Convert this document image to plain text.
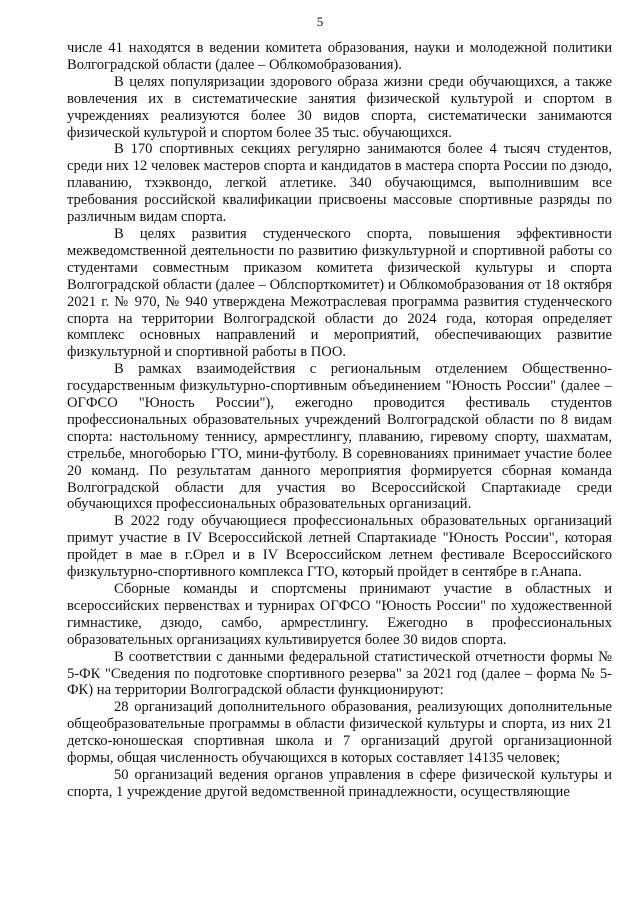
5

числе 41 находятся в ведении комитета образования, науки и молодежной политики Волгоградской области (далее – Облкомобразования).

В целях популяризации здорового образа жизни среди обучающихся, а также вовлечения их в систематические занятия физической культурой и спортом в учреждениях реализуются более 30 видов спорта, систематически занимаются физической культурой и спортом более 35 тыс. обучающихся.

В 170 спортивных секциях регулярно занимаются более 4 тысяч студентов, среди них 12 человек мастеров спорта и кандидатов в мастера спорта России по дзюдо, плаванию, тхэквондо, легкой атлетике. 340 обучающимся, выполнившим все требования российской квалификации присвоены массовые спортивные разряды по различным видам спорта.

В целях развития студенческого спорта, повышения эффективности межведомственной деятельности по развитию физкультурной и спортивной работы со студентами совместным приказом комитета физической культуры и спорта Волгоградской области (далее – Облспорткомитет) и Облкомобразования от 18 октября 2021 г. № 970, № 940 утверждена Межотраслевая программа развития студенческого спорта на территории Волгоградской области до 2024 года, которая определяет комплекс основных направлений и мероприятий, обеспечивающих развитие физкультурной и спортивной работы в ПОО.

В рамках взаимодействия с региональным отделением Общественно-государственным физкультурно-спортивным объединением "Юность России" (далее – ОГФСО "Юность России"), ежегодно проводится фестиваль студентов профессиональных образовательных учреждений Волгоградской области по 8 видам спорта: настольному теннису, армрестлингу, плаванию, гиревому спорту, шахматам, стрельбе, многоборью ГТО, мини-футболу. В соревнованиях принимает участие более 20 команд. По результатам данного мероприятия формируется сборная команда Волгоградской области для участия во Всероссийской Спартакиаде среди обучающихся профессиональных образовательных организаций.

В 2022 году обучающиеся профессиональных образовательных организаций примут участие в IV Всероссийской летней Спартакиаде "Юность России", которая пройдет в мае в г.Орел и в IV Всероссийском летнем фестивале Всероссийского физкультурно-спортивного комплекса ГТО, который пройдет в сентябре в г.Анапа.

Сборные команды и спортсмены принимают участие в областных и всероссийских первенствах и турнирах ОГФСО "Юность России" по художественной гимнастике, дзюдо, самбо, армрестлингу. Ежегодно в профессиональных образовательных организациях культивируется более 30 видов спорта.

В соответствии с данными федеральной статистической отчетности формы № 5-ФК "Сведения по подготовке спортивного резерва" за 2021 год (далее – форма № 5-ФК) на территории Волгоградской области функционируют:

28 организаций дополнительного образования, реализующих дополнительные общеобразовательные программы в области физической культуры и спорта, из них 21 детско-юношеская спортивная школа и 7 организаций другой организационной формы, общая численность обучающихся в которых составляет 14135 человек;

50 организаций ведения органов управления в сфере физической культуры и спорта, 1 учреждение другой ведомственной принадлежности, осуществляющие
